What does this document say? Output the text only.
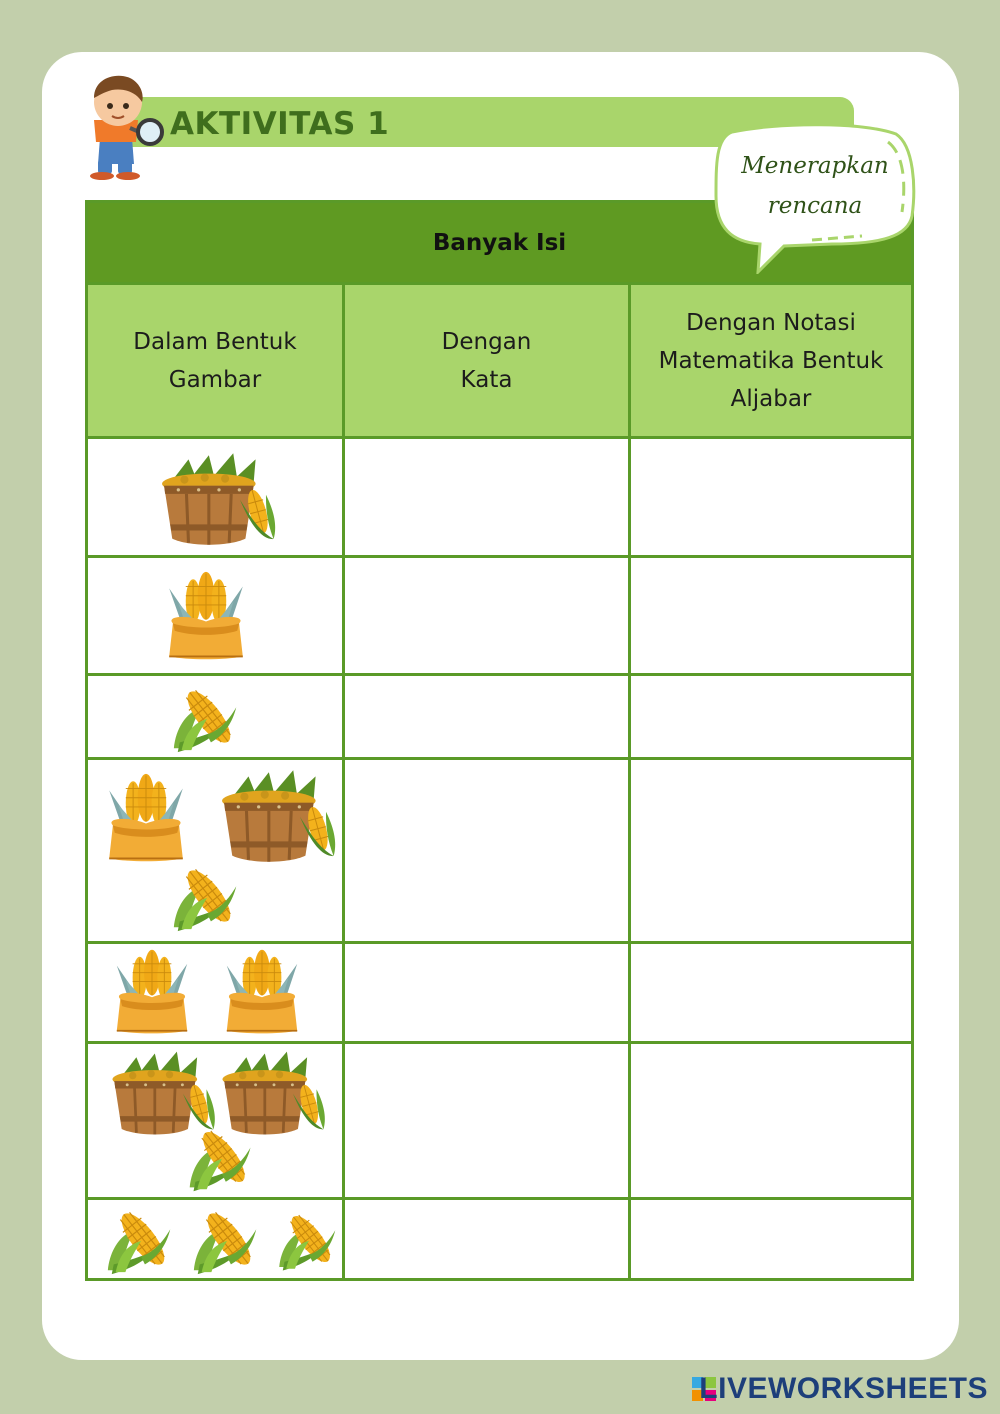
AKTIVITAS 1
Banyak Isi
Dalam Bentuk
Gambar
Dengan
Kata
Dengan Notasi
Matematika Bentuk
Aljabar
Menerapkan
rencana
LIVEWORKSHEETS
